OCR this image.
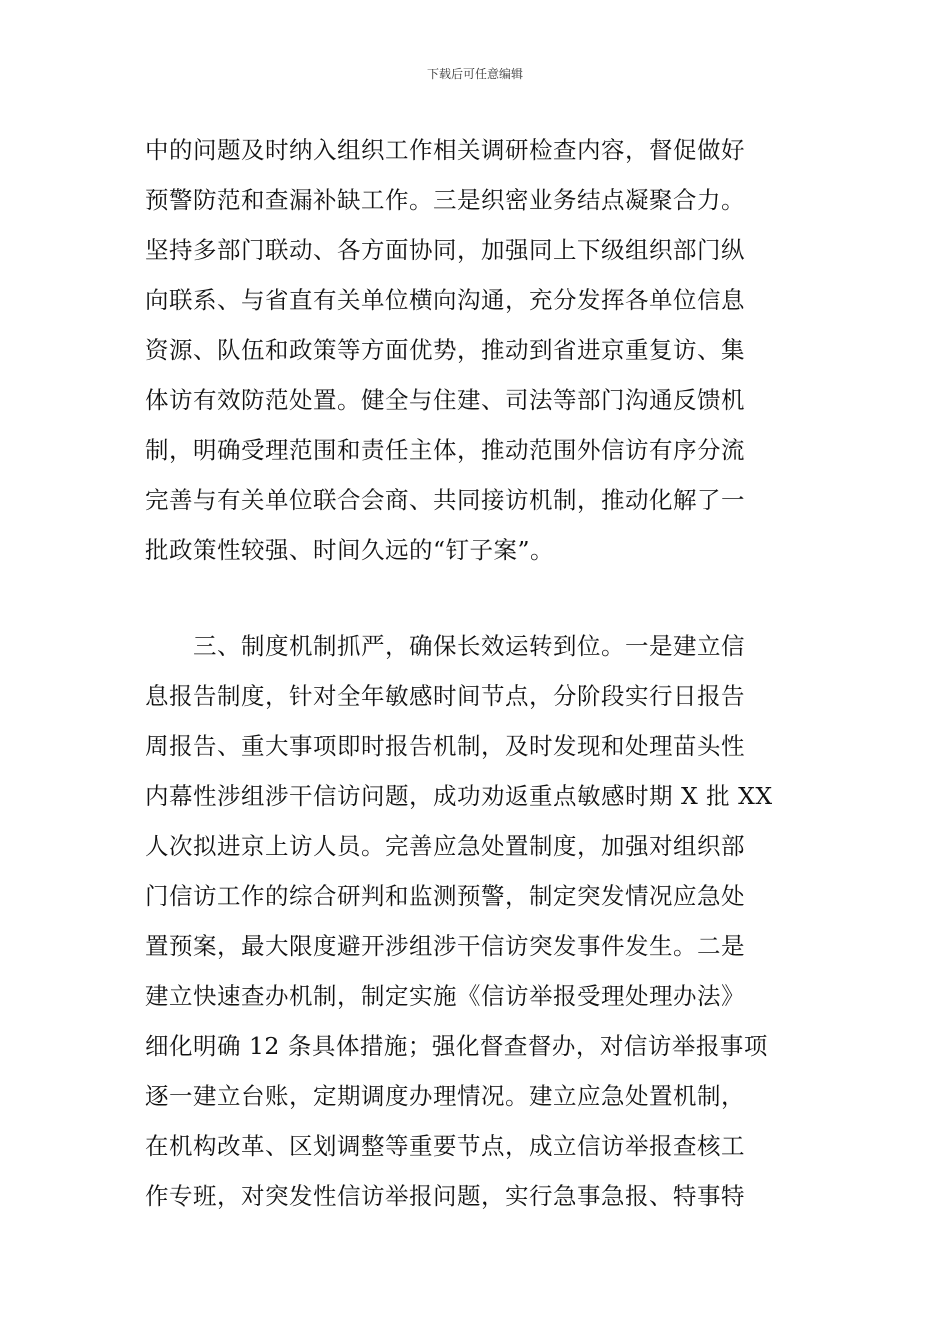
下载后可任意编辑
中的问题及时纳入组织工作相关调研检查内容，督促做好
预警防范和查漏补缺工作。三是织密业务结点凝聚合力。
坚持多部门联动、各方面协同，加强同上下级组织部门纵
向联系、与省直有关单位横向沟通，充分发挥各单位信息
资源、队伍和政策等方面优势，推动到省进京重复访、集
体访有效防范处置。健全与住建、司法等部门沟通反馈机
制，明确受理范围和责任主体，推动范围外信访有序分流
完善与有关单位联合会商、共同接访机制，推动化解了一
批政策性较强、时间久远的“钉子案”。
　　三、制度机制抓严，确保长效运转到位。一是建立信
息报告制度，针对全年敏感时间节点，分阶段实行日报告
周报告、重大事项即时报告机制，及时发现和处理苗头性
内幕性涉组涉干信访问题，成功劝返重点敏感时期 X 批 XX
人次拟进京上访人员。完善应急处置制度，加强对组织部
门信访工作的综合研判和监测预警，制定突发情况应急处
置预案，最大限度避开涉组涉干信访突发事件发生。二是
建立快速查办机制，制定实施《信访举报受理处理办法》
细化明确 12 条具体措施；强化督查督办，对信访举报事项
逐一建立台账，定期调度办理情况。建立应急处置机制，
在机构改革、区划调整等重要节点，成立信访举报查核工
作专班，对突发性信访举报问题，实行急事急报、特事特
